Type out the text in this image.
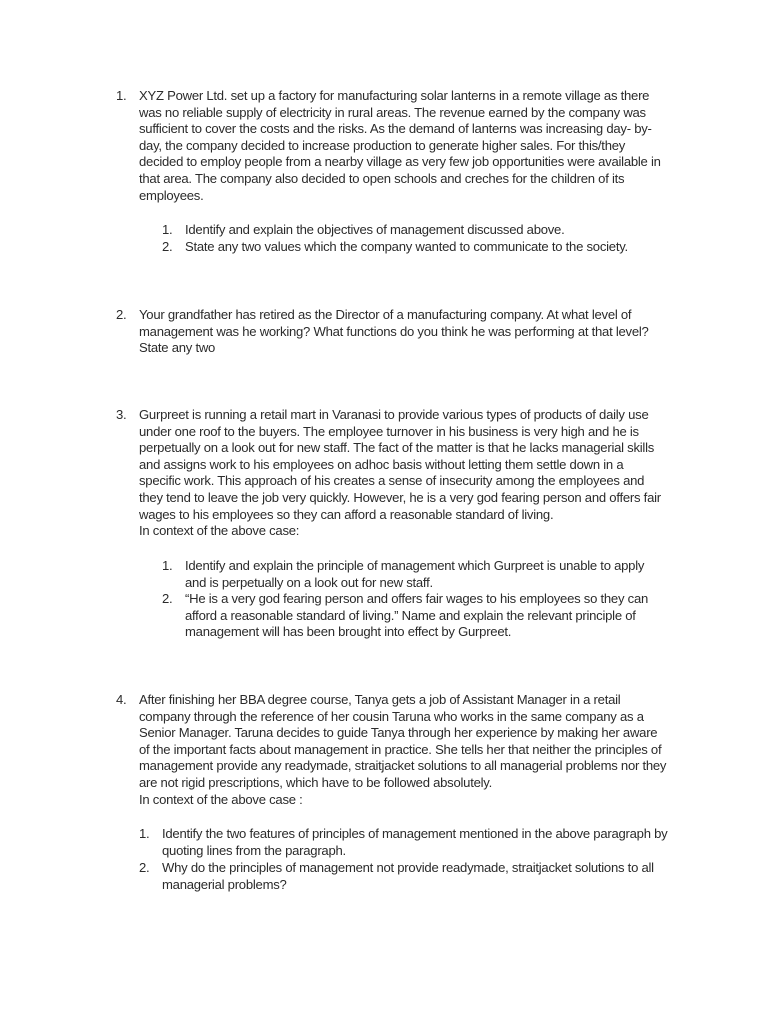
1. XYZ Power Ltd. set up a factory for manufacturing solar lanterns in a remote village as there
was no reliable supply of electricity in rural areas. The revenue earned by the company was
sufficient to cover the costs and the risks. As the demand of lanterns was increasing day- by-
day, the company decided to increase production to generate higher sales. For this/they
decided to employ people from a nearby village as very few job opportunities were available in
that area. The company also decided to open schools and creches for the children of its
employees.
1. Identify and explain the objectives of management discussed above.
2. State any two values which the company wanted to communicate to the society.
2. Your grandfather has retired as the Director of a manufacturing company. At what level of
management was he working? What functions do you think he was performing at that level?
State any two
3. Gurpreet is running a retail mart in Varanasi to provide various types of products of daily use
under one roof to the buyers. The employee turnover in his business is very high and he is
perpetually on a look out for new staff. The fact of the matter is that he lacks managerial skills
and assigns work to his employees on adhoc basis without letting them settle down in a
specific work. This approach of his creates a sense of insecurity among the employees and
they tend to leave the job very quickly. However, he is a very god fearing person and offers fair
wages to his employees so they can afford a reasonable standard of living.
In context of the above case:
1. Identify and explain the principle of management which Gurpreet is unable to apply
and is perpetually on a look out for new staff.
2. “He is a very god fearing person and offers fair wages to his employees so they can
afford a reasonable standard of living.” Name and explain the relevant principle of
management will has been brought into effect by Gurpreet.
4. After finishing her BBA degree course, Tanya gets a job of Assistant Manager in a retail
company through the reference of her cousin Taruna who works in the same company as a
Senior Manager. Taruna decides to guide Tanya through her experience by making her aware
of the important facts about management in practice. She tells her that neither the principles of
management provide any readymade, straitjacket solutions to all managerial problems nor they
are not rigid prescriptions, which have to be followed absolutely.
In context of the above case :
1. Identify the two features of principles of management mentioned in the above paragraph by
quoting lines from the paragraph.
2. Why do the principles of management not provide readymade, straitjacket solutions to all
managerial problems?
